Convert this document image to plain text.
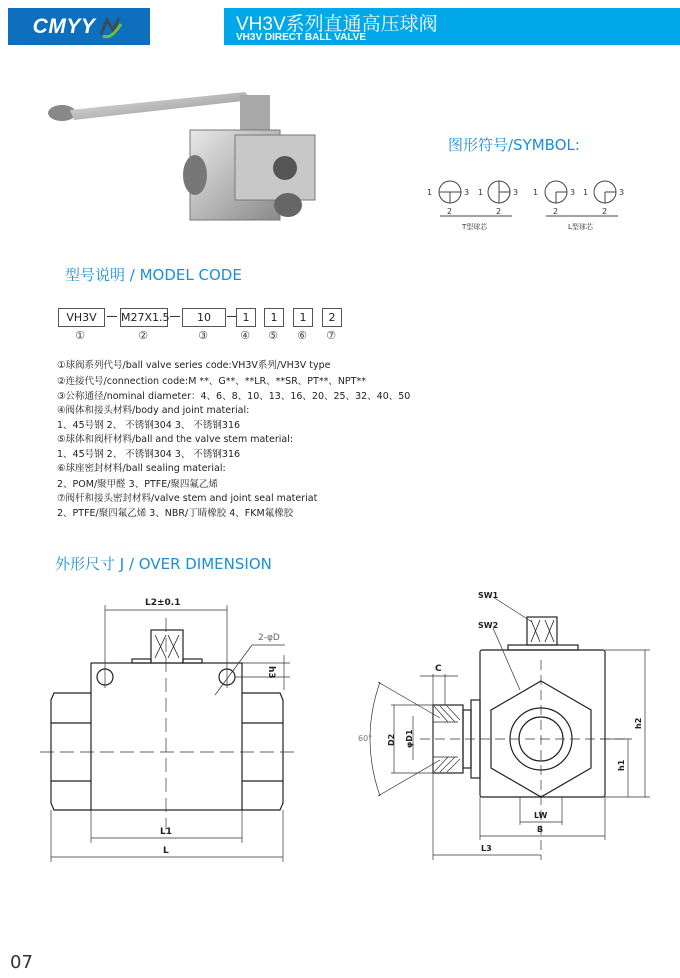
CMYY	VH3V系列直通高压球阀
VH3V DIRECT BALL VALVE
图形符号/SYMBOL:
1	3 1	3 1	3 1	3
2	2	2	2
T型球芯	L型球芯
型号说明 / MODEL CODE
VH3V	M27X1.5	10	1	1	1	2
①	②	③	④	⑤	⑥	⑦
①球阀系列代号/ball valve series code:VH3V系列/VH3V type
②连接代号/connection code:M **、G**、**LR、**SR、PT**、NPT**
③公称通径/nominal diameter：4、6、8、10、13、16、20、25、32、40、50
④阀体和接头材料/body and joint material:
1、45号钢 2、 不锈钢304 3、 不锈钢316
⑤球体和阀杆材料/ball and the valve stem material:
1、45号钢 2、 不锈钢304 3、 不锈钢316
⑥球座密封材料/ball sealing material:
2、POM/聚甲醛 3、PTFE/聚四氟乙烯
⑦阀杆和接头密封材料/valve stem and joint seal materiat
2、PTFE/聚四氟乙烯 3、NBR/丁睛橡胶 4、FKM氟橡胶
外形尺寸 J / OVER DIMENSION
L2±0.1
2-φD
h3
L1
L
SW1
SW2
C
60° D2 φD1
LW
B
L3
h1
h2
07
